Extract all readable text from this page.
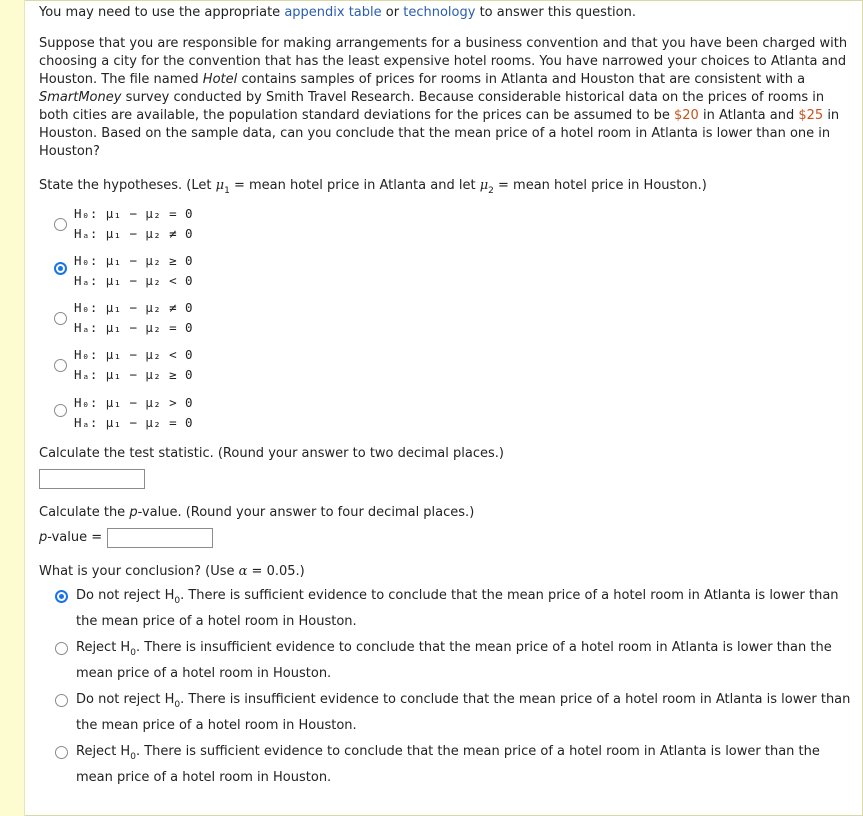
You may need to use the appropriate appendix table or technology to answer this question.
Suppose that you are responsible for making arrangements for a business convention and that you have been charged with choosing a city for the convention that has the least expensive hotel rooms. You have narrowed your choices to Atlanta and Houston. The file named Hotel contains samples of prices for rooms in Atlanta and Houston that are consistent with a SmartMoney survey conducted by Smith Travel Research. Because considerable historical data on the prices of rooms in both cities are available, the population standard deviations for the prices can be assumed to be $20 in Atlanta and $25 in Houston. Based on the sample data, can you conclude that the mean price of a hotel room in Atlanta is lower than one in Houston?
State the hypotheses. (Let $\mu_1$ = mean hotel price in Atlanta and let $\mu_2$ = mean hotel price in Houston.)
H₀: μ₁ − μ₂ = 0
Hₐ: μ₁ − μ₂ ≠ 0
H₀: μ₁ − μ₂ ≥ 0
Hₐ: μ₁ − μ₂ < 0
H₀: μ₁ − μ₂ ≠ 0
Hₐ: μ₁ − μ₂ = 0
H₀: μ₁ − μ₂ < 0
Hₐ: μ₁ − μ₂ ≥ 0
H₀: μ₁ − μ₂ > 0
Hₐ: μ₁ − μ₂ = 0
Calculate the test statistic. (Round your answer to two decimal places.)
Calculate the p-value. (Round your answer to four decimal places.)
p-value =
What is your conclusion? (Use α = 0.05.)
Do not reject $H_0$. There is sufficient evidence to conclude that the mean price of a hotel room in Atlanta is lower than the mean price of a hotel room in Houston.
Reject $H_0$. There is insufficient evidence to conclude that the mean price of a hotel room in Atlanta is lower than the mean price of a hotel room in Houston.
Do not reject $H_0$. There is insufficient evidence to conclude that the mean price of a hotel room in Atlanta is lower than the mean price of a hotel room in Houston.
Reject $H_0$. There is sufficient evidence to conclude that the mean price of a hotel room in Atlanta is lower than the mean price of a hotel room in Houston.
